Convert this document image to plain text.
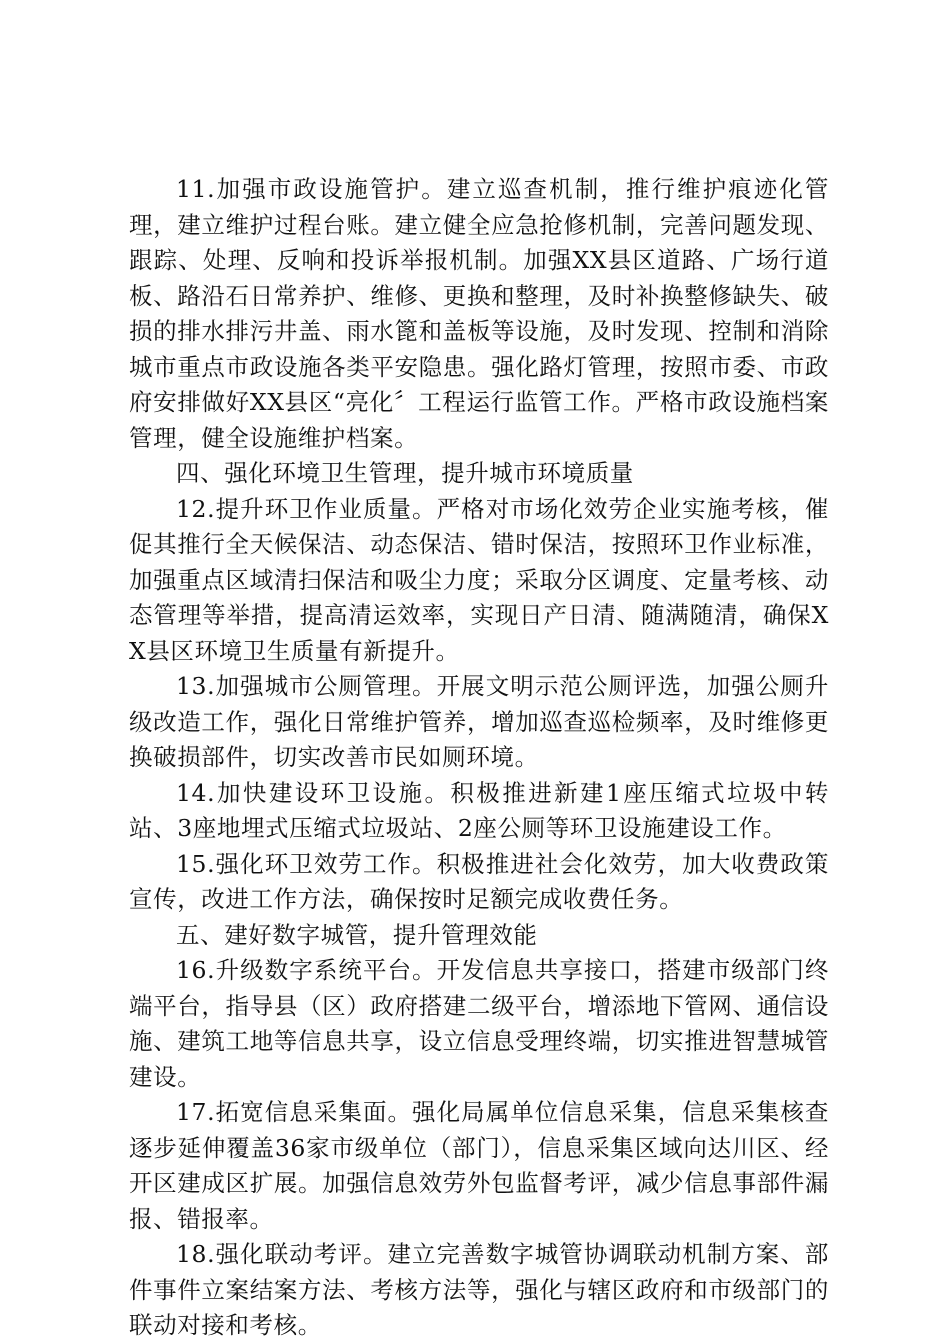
11.加强市政设施管护。建立巡查机制，推行维护痕迹化管理，建立维护过程台账。建立健全应急抢修机制，完善问题发现、跟踪、处理、反响和投诉举报机制。加强XX县区道路、广场行道板、路沿石日常养护、维修、更换和整理，及时补换整修缺失、破损的排水排污井盖、雨水篦和盖板等设施，及时发现、控制和消除城市重点市政设施各类平安隐患。强化路灯管理，按照市委、市政府安排做好XX县区“亮化〞工程运行监管工作。严格市政设施档案管理，健全设施维护档案。

四、强化环境卫生管理，提升城市环境质量

12.提升环卫作业质量。严格对市场化效劳企业实施考核，催促其推行全天候保洁、动态保洁、错时保洁，按照环卫作业标准，加强重点区域清扫保洁和吸尘力度；采取分区调度、定量考核、动态管理等举措，提高清运效率，实现日产日清、随满随清，确保XX县区环境卫生质量有新提升。

13.加强城市公厕管理。开展文明示范公厕评选，加强公厕升级改造工作，强化日常维护管养，增加巡查巡检频率，及时维修更换破损部件，切实改善市民如厕环境。

14.加快建设环卫设施。积极推进新建1座压缩式垃圾中转站、3座地埋式压缩式垃圾站、2座公厕等环卫设施建设工作。

15.强化环卫效劳工作。积极推进社会化效劳，加大收费政策宣传，改进工作方法，确保按时足额完成收费任务。

五、建好数字城管，提升管理效能

16.升级数字系统平台。开发信息共享接口，搭建市级部门终端平台，指导县（区）政府搭建二级平台，增添地下管网、通信设施、建筑工地等信息共享，设立信息受理终端，切实推进智慧城管建设。

17.拓宽信息采集面。强化局属单位信息采集，信息采集核查逐步延伸覆盖36家市级单位（部门），信息采集区域向达川区、经开区建成区扩展。加强信息效劳外包监督考评，减少信息事部件漏报、错报率。

18.强化联动考评。建立完善数字城管协调联动机制方案、部件事件立案结案方法、考核方法等，强化与辖区政府和市级部门的联动对接和考核。
